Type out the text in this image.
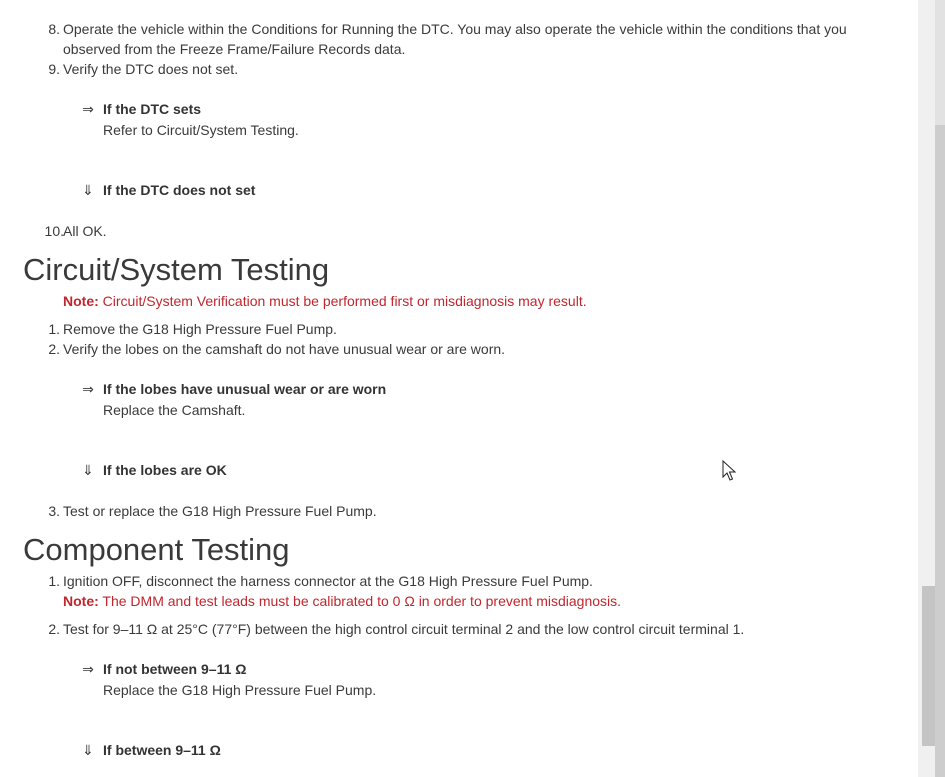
8. Operate the vehicle within the Conditions for Running the DTC. You may also operate the vehicle within the conditions that you
observed from the Freeze Frame/Failure Records data.
9. Verify the DTC does not set.
⇒ If the DTC sets
Refer to Circuit/System Testing.
⇓ If the DTC does not set
10. All OK.
Circuit/System Testing
Note: Circuit/System Verification must be performed first or misdiagnosis may result.
1. Remove the G18 High Pressure Fuel Pump.
2. Verify the lobes on the camshaft do not have unusual wear or are worn.
⇒ If the lobes have unusual wear or are worn
Replace the Camshaft.
⇓ If the lobes are OK
3. Test or replace the G18 High Pressure Fuel Pump.
Component Testing
1. Ignition OFF, disconnect the harness connector at the G18 High Pressure Fuel Pump.
Note: The DMM and test leads must be calibrated to 0 Ω in order to prevent misdiagnosis.
2. Test for 9–11 Ω at 25°C (77°F) between the high control circuit terminal 2 and the low control circuit terminal 1.
⇒ If not between 9–11 Ω
Replace the G18 High Pressure Fuel Pump.
⇓ If between 9–11 Ω
